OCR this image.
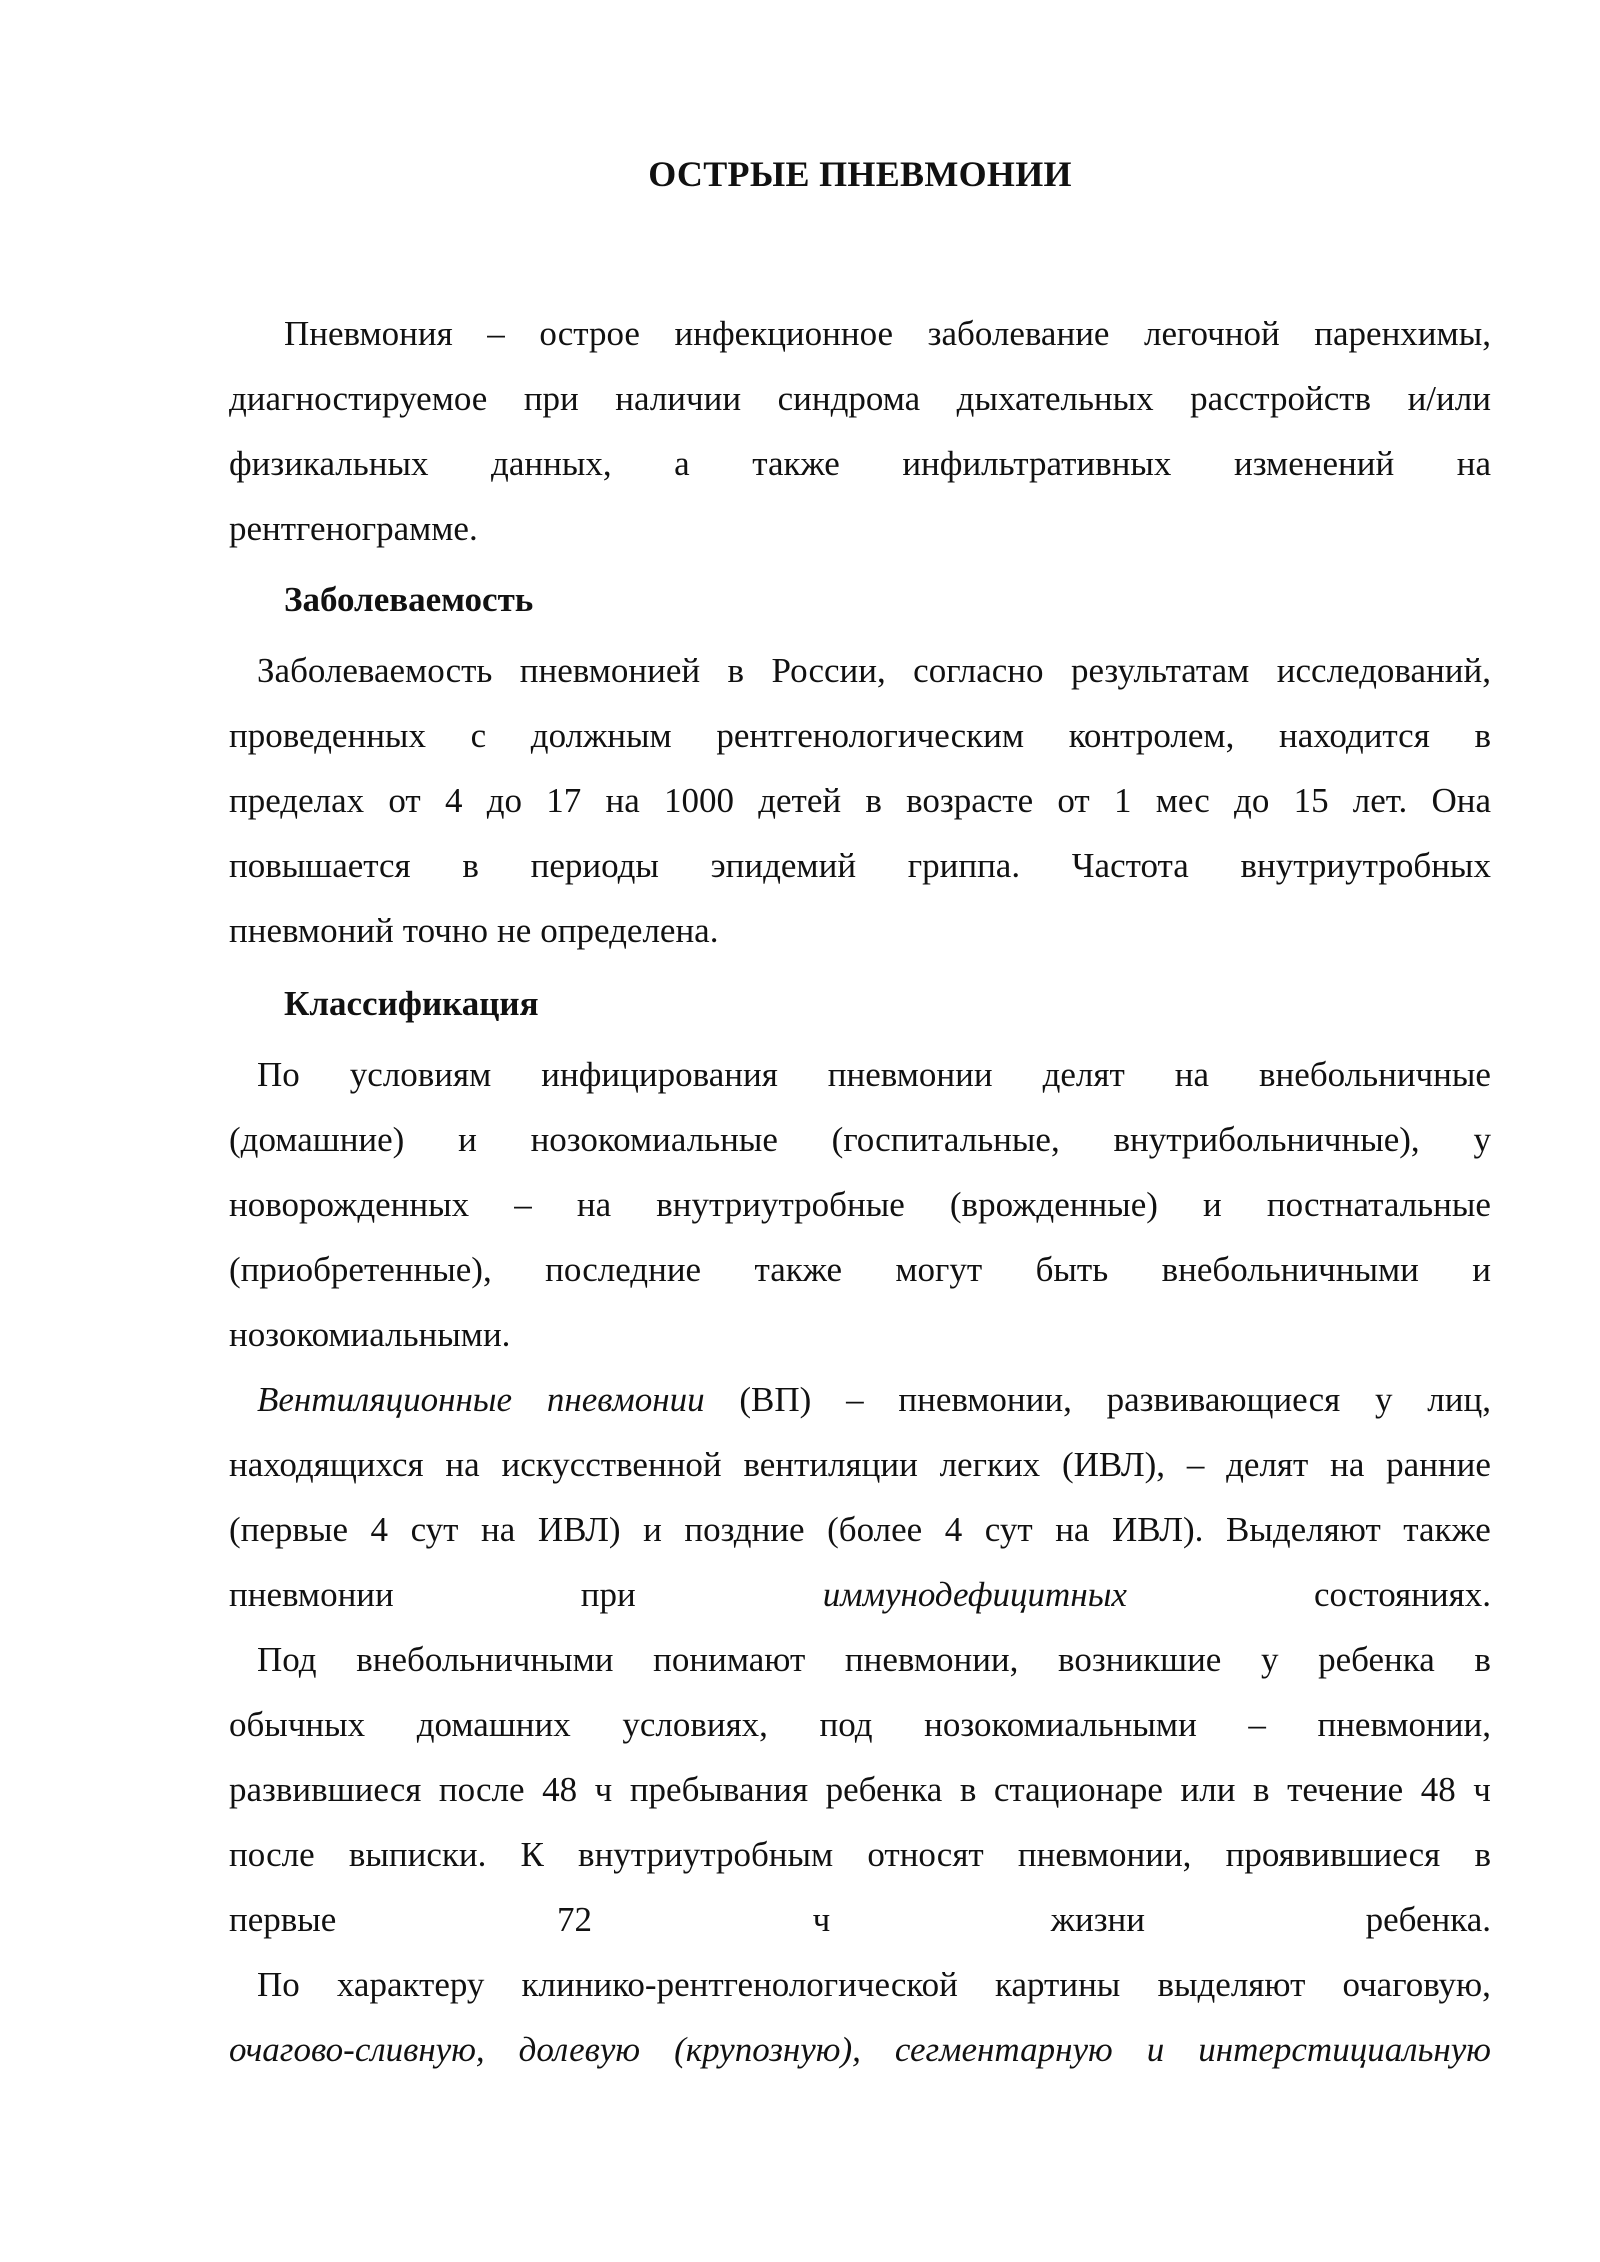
ОСТРЫЕ ПНЕВМОНИИ
Заболеваемость
Классификация
Пневмония – острое инфекционное заболевание легочной паренхимы,
диагностируемое при наличии синдрома дыхательных расстройств и/или
физикальных данных, а также инфильтративных изменений на
рентгенограмме.
Заболеваемость пневмонией в России, согласно результатам исследований,
проведенных с должным рентгенологическим контролем, находится в
пределах от 4 до 17 на 1000 детей в возрасте от 1 мес до 15 лет. Она
повышается в периоды эпидемий гриппа. Частота внутриутробных
пневмоний точно не определена.
По условиям инфицирования пневмонии делят на внебольничные
(домашние) и нозокомиальные (госпитальные, внутрибольничные), у
новорожденных – на внутриутробные (врожденные) и постнатальные
(приобретенные), последние также могут быть внебольничными и
нозокомиальными.
Вентиляционные пневмонии (ВП) – пневмонии, развивающиеся у лиц,
находящихся на искусственной вентиляции легких (ИВЛ), – делят на ранние
(первые 4 сут на ИВЛ) и поздние (более 4 сут на ИВЛ). Выделяют также
пневмонии	при	иммунодефицитных	состояниях.
Под внебольничными понимают пневмонии, возникшие у ребенка в
обычных домашних условиях, под нозокомиальными – пневмонии,
развившиеся после 48 ч пребывания ребенка в стационаре или в течение 48 ч
после выписки. К внутриутробным относят пневмонии, проявившиеся в
первые	72	ч	жизни	ребенка.
По характеру клинико-рентгенологической картины выделяют очаговую,
очагово-сливную, долевую (крупозную), сегментарную и интерстициальную
